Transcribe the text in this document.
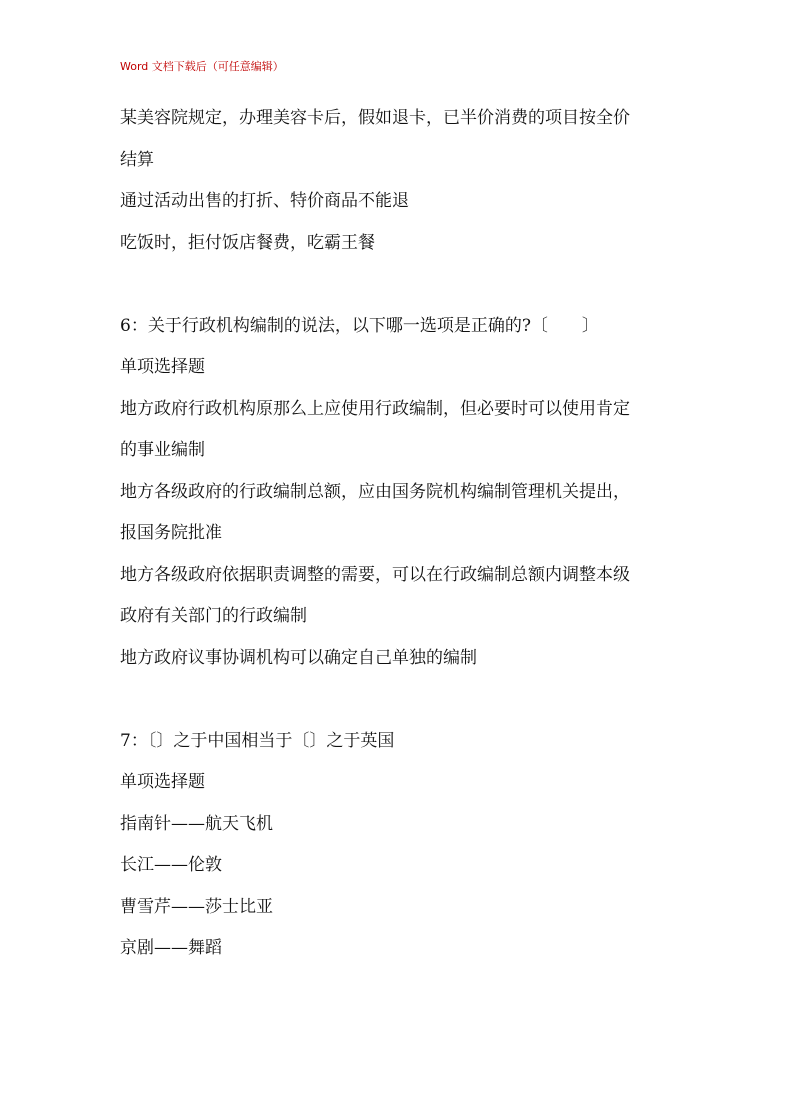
Word 文档下载后（可任意编辑）
某美容院规定，办理美容卡后，假如退卡，已半价消费的项目按全价
结算
通过活动出售的打折、特价商品不能退
吃饭时，拒付饭店餐费，吃霸王餐
6：关于行政机构编制的说法，以下哪一选项是正确的?〔　　〕
单项选择题
地方政府行政机构原那么上应使用行政编制，但必要时可以使用肯定
的事业编制
地方各级政府的行政编制总额，应由国务院机构编制管理机关提出，
报国务院批准
地方各级政府依据职责调整的需要，可以在行政编制总额内调整本级
政府有关部门的行政编制
地方政府议事协调机构可以确定自己单独的编制
7：〔〕之于中国相当于〔〕之于英国
单项选择题
指南针——航天飞机
长江——伦敦
曹雪芹——莎士比亚
京剧——舞蹈
